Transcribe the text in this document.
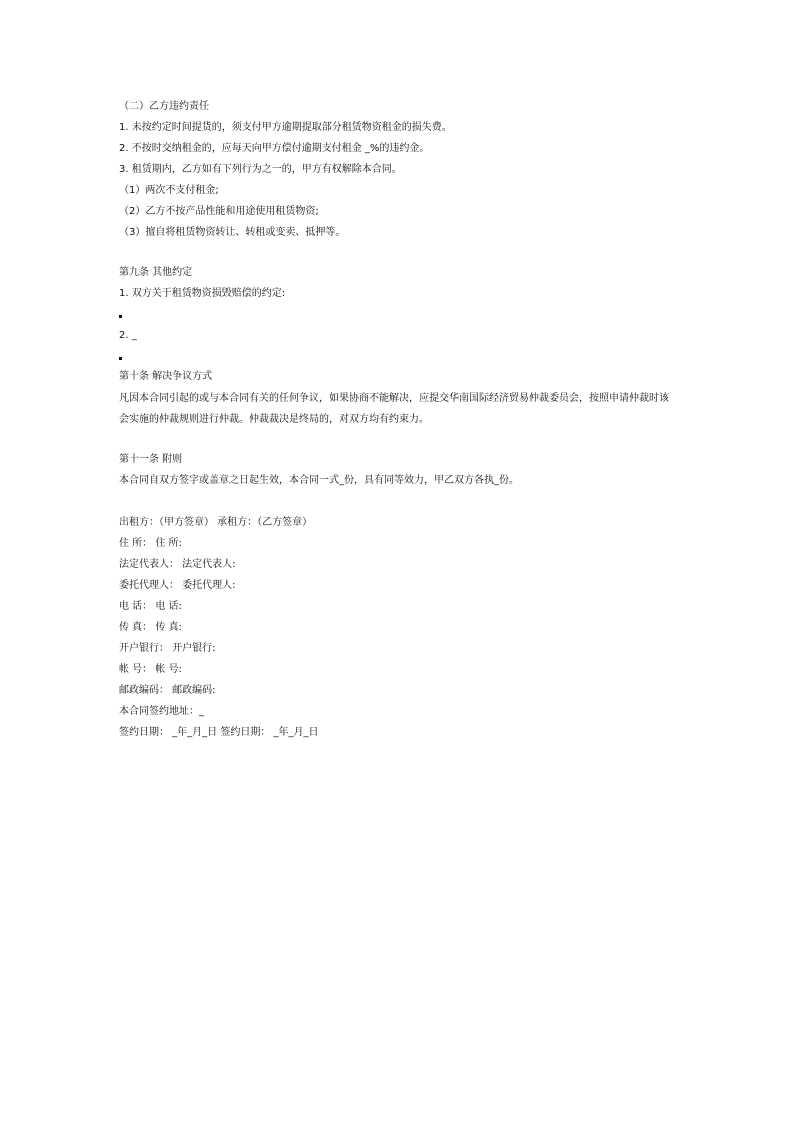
（二）乙方违约责任
1. 未按约定时间提货的，须支付甲方逾期提取部分租赁物资租金的损失费。
2. 不按时交纳租金的，应每天向甲方偿付逾期支付租金 _%的违约金。
3. 租赁期内，乙方如有下列行为之一的，甲方有权解除本合同。
（1）两次不支付租金;
（2）乙方不按产品性能和用途使用租赁物资;
（3）擅自将租赁物资转让、转租或变卖、抵押等。
第九条 其他约定
1. 双方关于租赁物资损毁赔偿的约定:
2. _
第十条 解决争议方式
凡因本合同引起的或与本合同有关的任何争议，如果协商不能解决，应提交华南国际经济贸易仲裁委员会，按照申请仲裁时该会实施的仲裁规则进行仲裁。仲裁裁决是终局的，对双方均有约束力。
第十一条 附则
本合同自双方签字或盖章之日起生效，本合同一式_份，具有同等效力，甲乙双方各执_份。
出租方：（甲方签章） 承租方：（乙方签章）
住 所： 住 所:
法定代表人： 法定代表人:
委托代理人： 委托代理人:
电 话： 电 话:
传 真： 传 真:
开户银行： 开户银行:
帐 号： 帐 号:
邮政编码： 邮政编码:
本合同签约地址：_
签约日期： _年_月_日 签约日期： _年_月_日
